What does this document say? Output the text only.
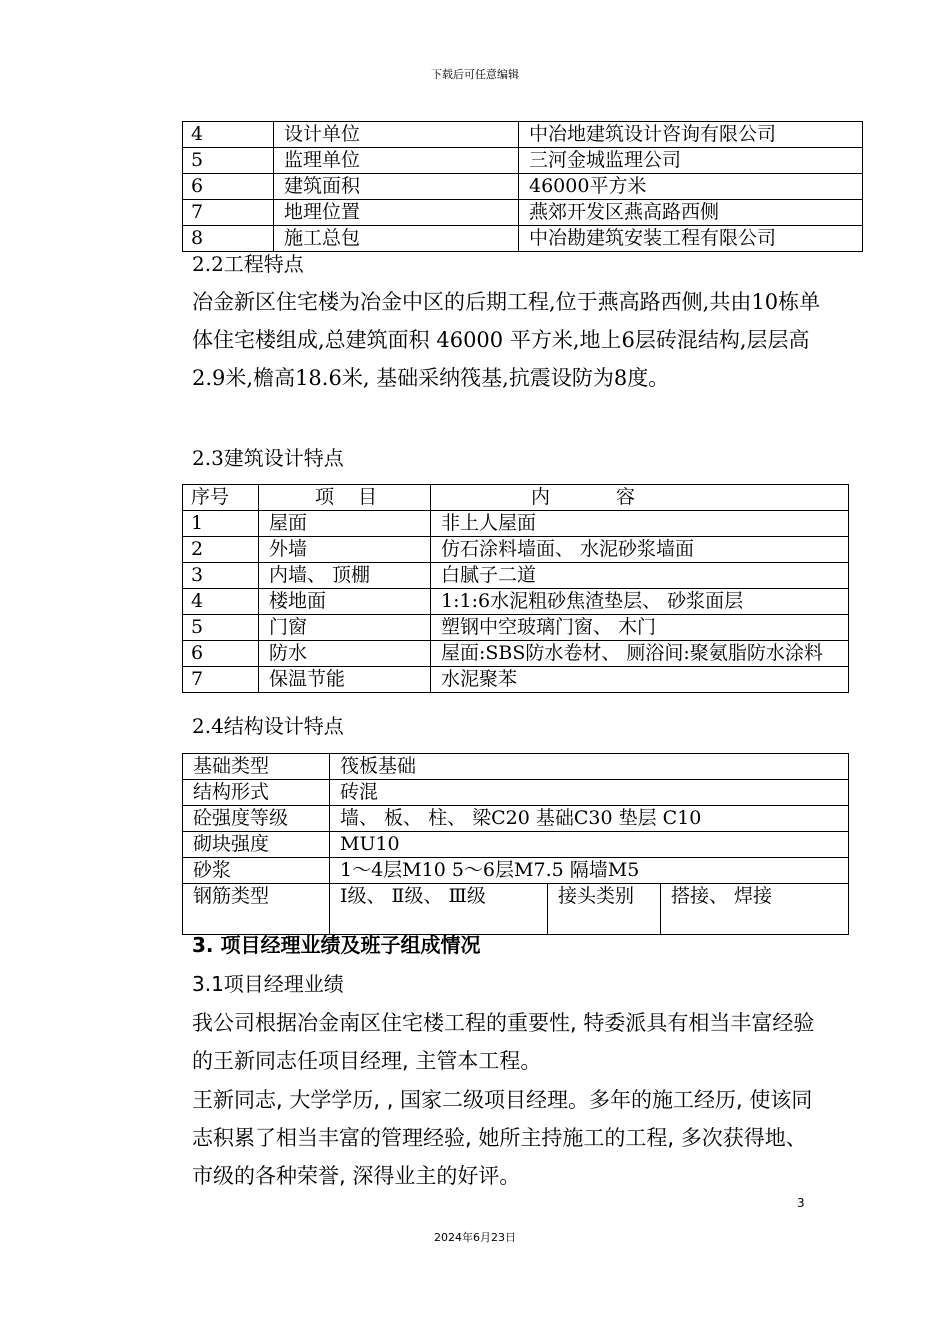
下载后可任意编辑
4	设计单位	中冶地建筑设计咨询有限公司
5	监理单位	三河金城监理公司
6	建筑面积	46000平方米
7	地理位置	燕郊开发区燕高路西侧
8	施工总包	中冶勘建筑安装工程有限公司
2.2工程特点
冶金新区住宅楼为冶金中区的后期工程,位于燕高路西侧,共由10栋单体住宅楼组成,总建筑面积 46000 平方米,地上6层砖混结构,层层高2.9米,檐高18.6米, 基础采纳筏基,抗震设防为8度。
2.3建筑设计特点
序号	项 目	内 容
1	屋面	非上人屋面
2	外墙	仿石涂料墙面、 水泥砂浆墙面
3	内墙、 顶棚	白腻子二道
4	楼地面	1:1:6水泥粗砂焦渣垫层、 砂浆面层
5	门窗	塑钢中空玻璃门窗、 木门
6	防水	屋面:SBS防水卷材、 厕浴间:聚氨脂防水涂料
7	保温节能	水泥聚苯
2.4结构设计特点
基础类型	筏板基础		
结构形式	砖混		
砼强度等级	墙、 板、 柱、 梁C20 基础C30 垫层 C10		
砌块强度	MU10		
砂浆	1～4层M10 5～6层M7.5 隔墙M5		
钢筋类型	Ⅰ级、 Ⅱ级、 Ⅲ级	接头类别	搭接、 焊接
3. 项目经理业绩及班子组成情况
3.1项目经理业绩
我公司根据冶金南区住宅楼工程的重要性, 特委派具有相当丰富经验的王新同志任项目经理, 主管本工程。
王新同志, 大学学历, , 国家二级项目经理。多年的施工经历, 使该同志积累了相当丰富的管理经验, 她所主持施工的工程, 多次获得地、 市级的各种荣誉, 深得业主的好评。
3
2024年6月23日
